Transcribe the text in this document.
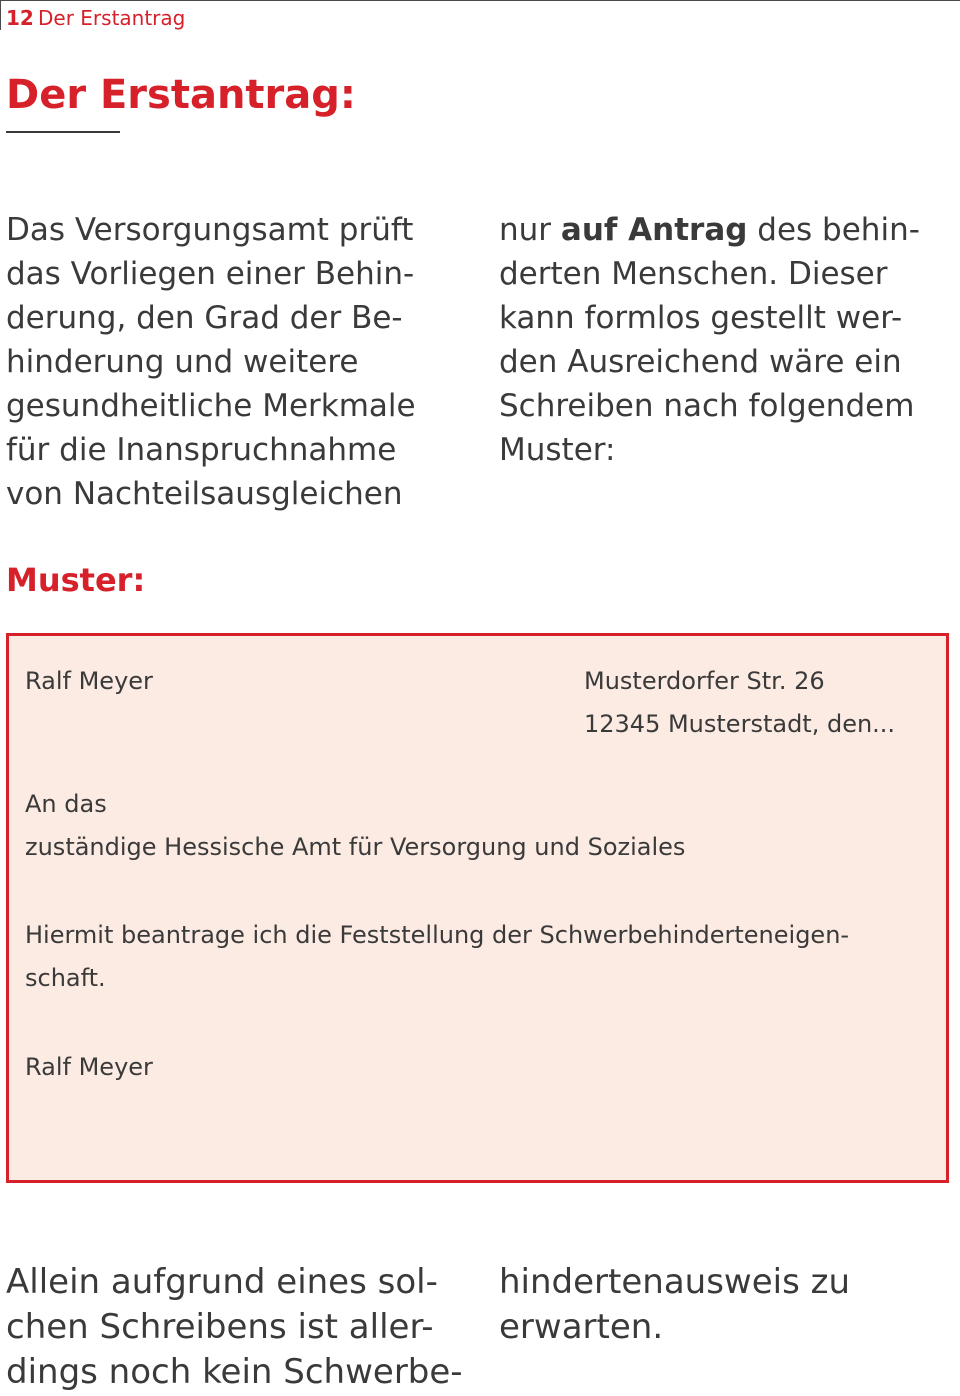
12 Der Erstantrag
Der Erstantrag:
Das Versorgungsamt prüft
das Vorliegen einer Behin-
derung, den Grad der Be-
hinderung und weitere
gesundheitliche Merkmale
für die Inanspruchnahme
von Nachteilsausgleichen
nur auf Antrag des behin-
derten Menschen. Dieser
kann formlos gestellt wer-
den Ausreichend wäre ein
Schreiben nach folgendem
Muster:
Muster:
Ralf Meyer	Musterdorfer Str. 26
12345 Musterstadt, den...
An das
zuständige Hessische Amt für Versorgung und Soziales
Hiermit beantrage ich die Feststellung der Schwerbehinderteneigen-
schaft.
Ralf Meyer
Allein aufgrund eines sol-
chen Schreibens ist aller-
dings noch kein Schwerbe-
hindertenausweis zu
erwarten.
